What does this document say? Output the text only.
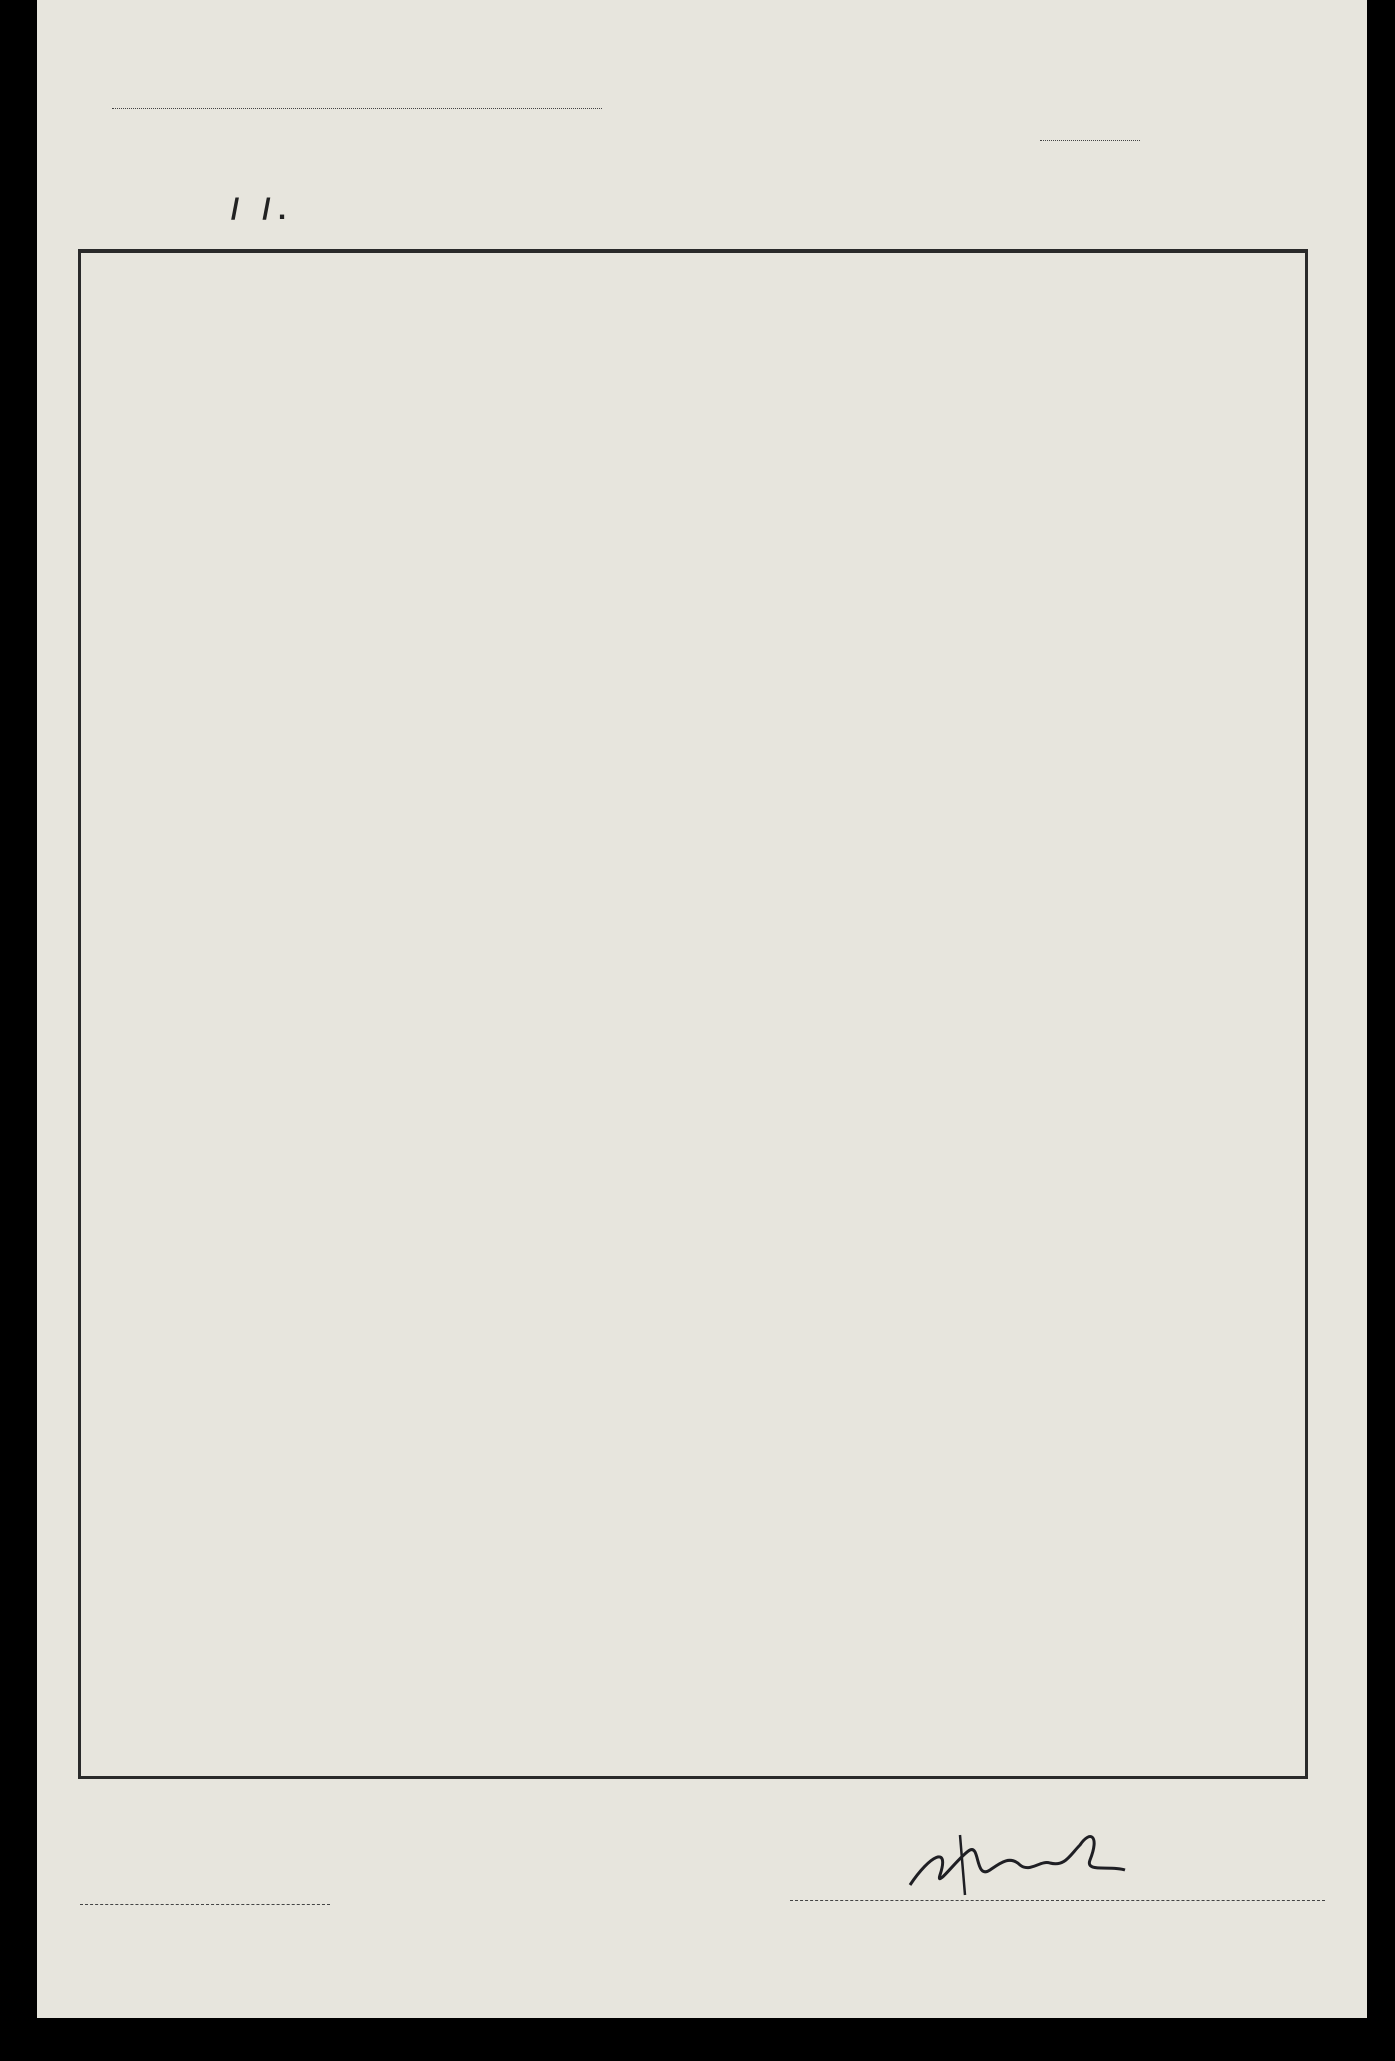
/   / .
